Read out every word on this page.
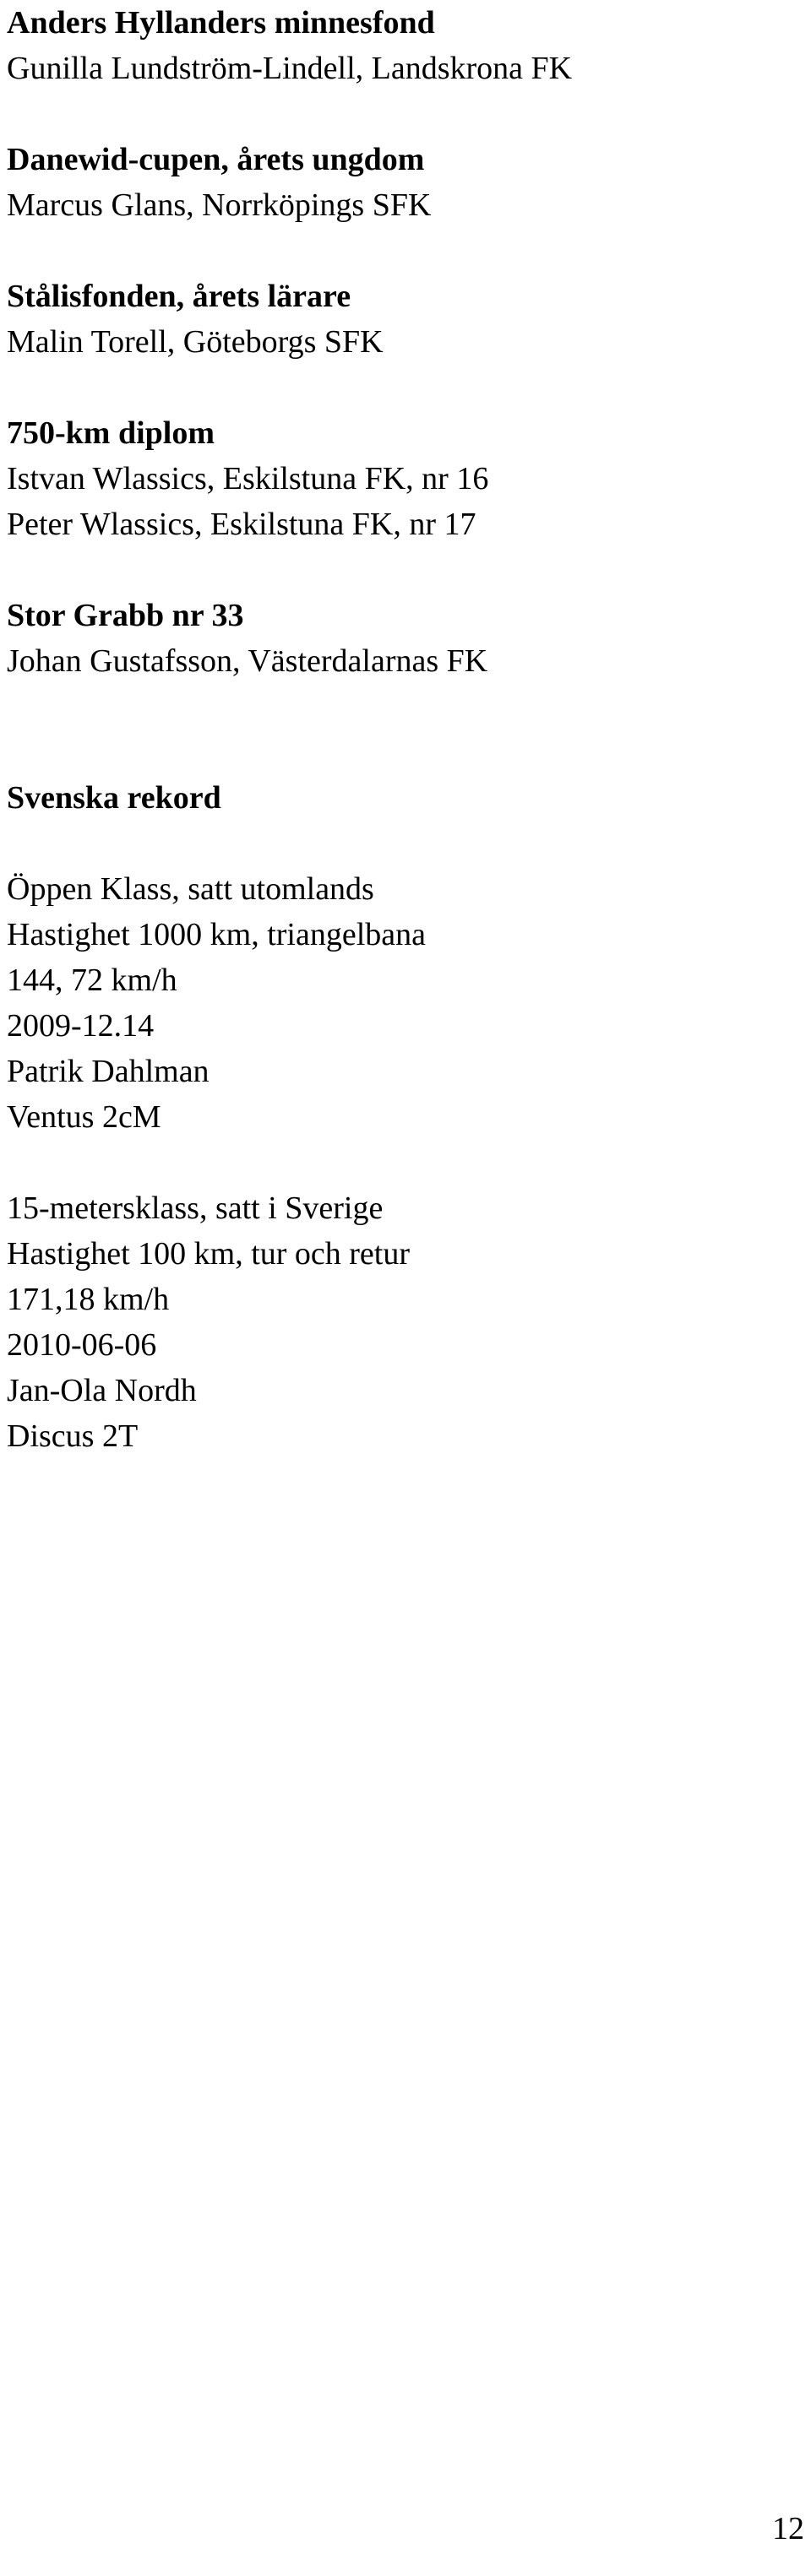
Anders Hyllanders minnesfond

Gunilla Lundström-Lindell, Landskrona FK

Danewid-cupen, årets ungdom

Marcus Glans, Norrköpings SFK

Stålisfonden, årets lärare

Malin Torell, Göteborgs SFK

750-km diplom

Istvan Wlassics, Eskilstuna FK, nr 16

Peter Wlassics, Eskilstuna FK, nr 17

Stor Grabb nr 33

Johan Gustafsson, Västerdalarnas FK

Svenska rekord

Öppen Klass, satt utomlands

Hastighet 1000 km, triangelbana

144, 72 km/h

2009-12.14

Patrik Dahlman

Ventus 2cM

15-metersklass, satt i Sverige

Hastighet 100 km, tur och retur

171,18 km/h

2010-06-06

Jan-Ola Nordh

Discus 2T

12
